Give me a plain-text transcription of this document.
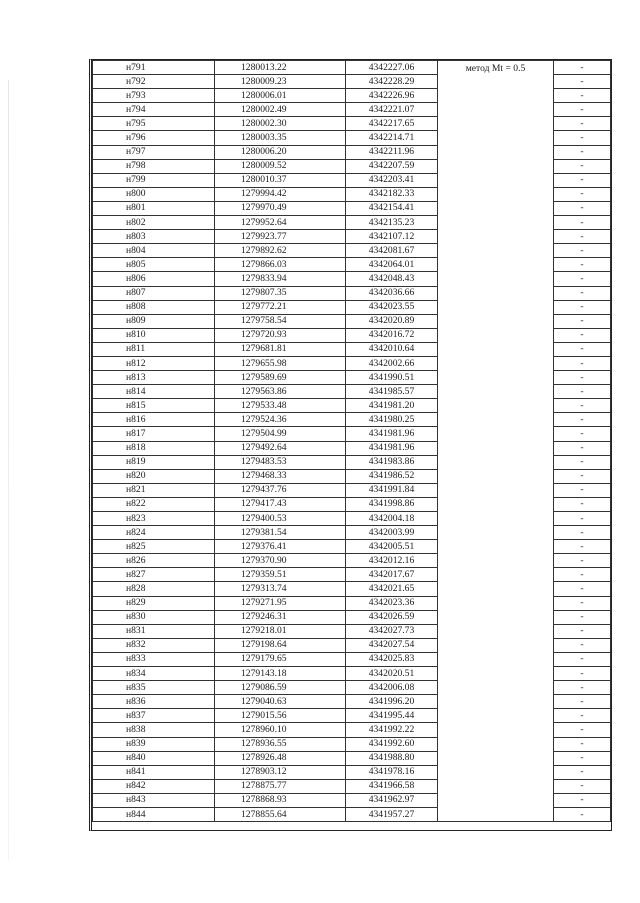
н791	1280013.22	4342227.06	метод Mt = 0.5	-
н792	1280009.23	4342228.29		-
н793	1280006.01	4342226.96		-
н794	1280002.49	4342221.07		-
н795	1280002.30	4342217.65		-
н796	1280003.35	4342214.71		-
н797	1280006.20	4342211.96		-
н798	1280009.52	4342207.59		-
н799	1280010.37	4342203.41		-
н800	1279994.42	4342182.33		-
н801	1279970.49	4342154.41		-
н802	1279952.64	4342135.23		-
н803	1279923.77	4342107.12		-
н804	1279892.62	4342081.67		-
н805	1279866.03	4342064.01		-
н806	1279833.94	4342048.43		-
н807	1279807.35	4342036.66		-
н808	1279772.21	4342023.55		-
н809	1279758.54	4342020.89		-
н810	1279720.93	4342016.72		-
н811	1279681.81	4342010.64		-
н812	1279655.98	4342002.66		-
н813	1279589.69	4341990.51		-
н814	1279563.86	4341985.57		-
н815	1279533.48	4341981.20		-
н816	1279524.36	4341980.25		-
н817	1279504.99	4341981.96		-
н818	1279492.64	4341981.96		-
н819	1279483.53	4341983.86		-
н820	1279468.33	4341986.52		-
н821	1279437.76	4341991.84		-
н822	1279417.43	4341998.86		-
н823	1279400.53	4342004.18		-
н824	1279381.54	4342003.99		-
н825	1279376.41	4342005.51		-
н826	1279370.90	4342012.16		-
н827	1279359.51	4342017.67		-
н828	1279313.74	4342021.65		-
н829	1279271.95	4342023.36		-
н830	1279246.31	4342026.59		-
н831	1279218.01	4342027.73		-
н832	1279198.64	4342027.54		-
н833	1279179.65	4342025.83		-
н834	1279143.18	4342020.51		-
н835	1279086.59	4342006.08		-
н836	1279040.63	4341996.20		-
н837	1279015.56	4341995.44		-
н838	1278960.10	4341992.22		-
н839	1278936.55	4341992.60		-
н840	1278926.48	4341988.80		-
н841	1278903.12	4341978.16		-
н842	1278875.77	4341966.58		-
н843	1278868.93	4341962.97		-
н844	1278855.64	4341957.27		-
